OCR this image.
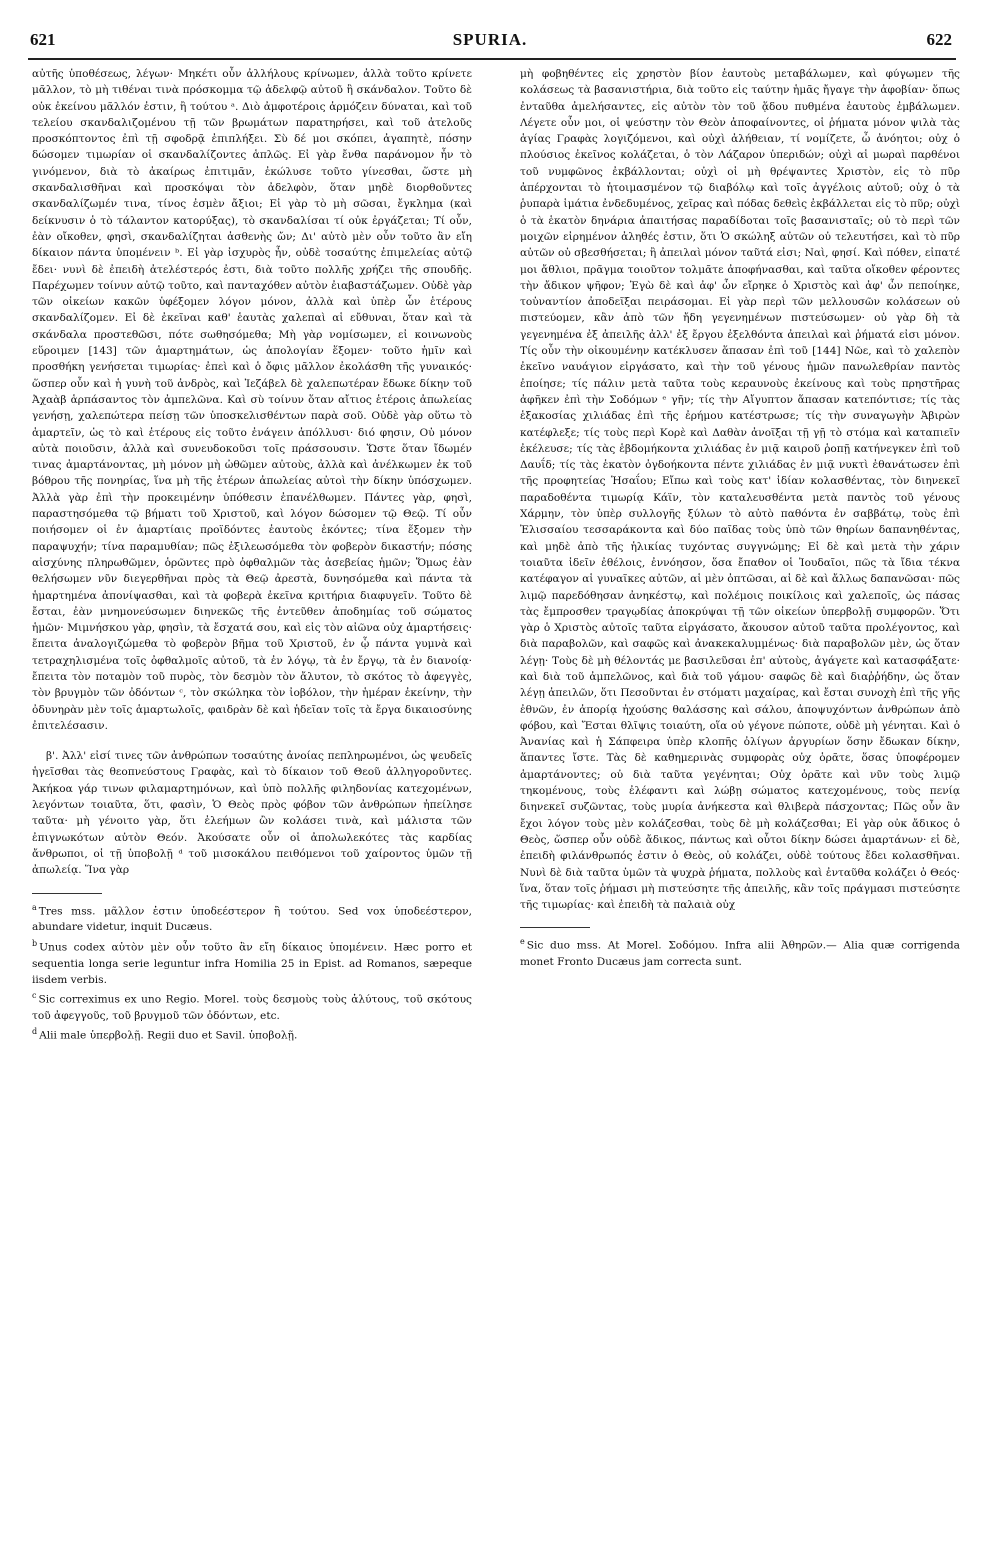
621	SPURIA.	622

αὐτῆς ὑποθέσεως, λέγων· Μηκέτι οὖν ἀλλήλους κρίνωμεν, ἀλλὰ τοῦτο κρίνετε μᾶλλον, τὸ μὴ τιθέναι τινὰ πρόσκομμα τῷ ἀδελφῷ αὐτοῦ ἢ σκάνδαλον. Τοῦτο δὲ οὐκ ἐκείνου μᾶλλόν ἐστιν, ἢ τούτου ᵃ. Διὸ ἀμφοτέροις ἁρμόζειν δύναται, καὶ τοῦ τελείου σκανδαλιζομένου τῇ τῶν βρωμάτων παρατηρήσει, καὶ τοῦ ἀτελοῦς προσκόπτοντος ἐπὶ τῇ σφοδρᾷ ἐπιπλήξει. Σὺ δέ μοι σκόπει, ἀγαπητὲ, πόσην δώσομεν τιμωρίαν οἱ σκανδαλίζοντες ἁπλῶς. Εἰ γὰρ ἔνθα παράνομον ἦν τὸ γινόμενον, διὰ τὸ ἀκαίρως ἐπιτιμᾶν, ἐκώλυσε τοῦτο γίνεσθαι, ὥστε μὴ σκανδαλισθῆναι καὶ προσκόψαι τὸν ἀδελφὸν, ὅταν μηδὲ διορθοῦντες σκανδαλίζωμέν τινα, τίνος ἐσμὲν ἄξιοι; Εἰ γὰρ τὸ μὴ σῶσαι, ἔγκλημα (καὶ δείκνυσιν ὁ τὸ τάλαντον κατορύξας), τὸ σκανδαλίσαι τί οὐκ ἐργάζεται; Τί οὖν, ἐὰν οἴκοθεν, φησὶ, σκανδαλίζηται ἀσθενὴς ὤν; Δι' αὐτὸ μὲν οὖν τοῦτο ἂν εἴη δίκαιον πάντα ὑπομένειν ᵇ. Εἰ γὰρ ἰσχυρὸς ἦν, οὐδὲ τοσαύτης ἐπιμελείας αὐτῷ ἔδει· νυνὶ δὲ ἐπειδὴ ἀτελέστερός ἐστι, διὰ τοῦτο πολλῆς χρήζει τῆς σπουδῆς. Παρέχωμεν τοίνυν αὐτῷ τοῦτο, καὶ πανταχόθεν αὐτὸν ἐιαβαστάζωμεν. Οὐδὲ γὰρ τῶν οἰκείων κακῶν ὑφέξομεν λόγον μόνον, ἀλλὰ καὶ ὑπὲρ ὧν ἑτέρους σκανδαλίζομεν. Εἰ δὲ ἐκεῖναι καθ' ἑαυτὰς χαλεπαὶ αἱ εὔθυναι, ὅταν καὶ τὰ σκάνδαλα προστεθῶσι, πότε σωθησόμεθα; Μὴ γὰρ νομίσωμεν, εἰ κοινωνοὺς εὕροιμεν [143] τῶν ἁμαρτημάτων, ὡς ἀπολογίαν ἕξομεν· τοῦτο ἡμῖν καὶ προσθήκη γενήσεται τιμωρίας· ἐπεὶ καὶ ὁ ὄφις μᾶλλον ἐκολάσθη τῆς γυναικός· ὥσπερ οὖν καὶ ἡ γυνὴ τοῦ ἀνδρὸς, καὶ Ἰεζάβελ δὲ χαλεπωτέραν ἔδωκε δίκην τοῦ Ἀχαὰβ ἁρπάσαντος τὸν ἀμπελῶνα. Καὶ σὺ τοίνυν ὅταν αἴτιος ἑτέροις ἀπωλείας γενήσῃ, χαλεπώτερα πείσῃ τῶν ὑποσκελισθέντων παρὰ σοῦ. Οὐδὲ γὰρ οὕτω τὸ ἁμαρτεῖν, ὡς τὸ καὶ ἑτέρους εἰς τοῦτο ἐνάγειν ἀπόλλυσι· διό φησιν, Οὐ μόνον αὐτὰ ποιοῦσιν, ἀλλὰ καὶ συνευδοκοῦσι τοῖς πράσσουσιν. Ὥστε ὅταν ἴδωμέν τινας ἁμαρτάνοντας, μὴ μόνον μὴ ὠθῶμεν αὐτοὺς, ἀλλὰ καὶ ἀνέλκωμεν ἐκ τοῦ βόθρου τῆς πονηρίας, ἵνα μὴ τῆς ἑτέρων ἀπωλείας αὐτοὶ τὴν δίκην ὑπόσχωμεν. Ἀλλὰ γὰρ ἐπὶ τὴν προκειμένην ὑπόθεσιν ἐπανέλθωμεν. Πάντες γὰρ, φησὶ, παραστησόμεθα τῷ βήματι τοῦ Χριστοῦ, καὶ λόγον δώσομεν τῷ Θεῷ. Τί οὖν ποιήσομεν οἱ ἐν ἁμαρτίαις προϊδόντες ἑαυτοὺς ἑκόντες; τίνα ἕξομεν τὴν παραψυχήν; τίνα παραμυθίαν; πῶς ἐξιλεωσόμεθα τὸν φοβερὸν δικαστήν; πόσης αἰσχύνης πληρωθῶμεν, ὁρῶντες πρὸ ὀφθαλμῶν τὰς ἀσεβείας ἡμῶν; Ὅμως ἐὰν θελήσωμεν νῦν διεγερθῆναι πρὸς τὰ Θεῷ ἀρεστὰ, δυνησόμεθα καὶ πάντα τὰ ἡμαρτημένα ἀπονίψασθαι, καὶ τὰ φοβερὰ ἐκεῖνα κριτήρια διαφυγεῖν. Τοῦτο δὲ ἔσται, ἐὰν μνημονεύσωμεν διηνεκῶς τῆς ἐντεῦθεν ἀποδημίας τοῦ σώματος ἡμῶν· Μιμνήσκου γὰρ, φησὶν, τὰ ἔσχατά σου, καὶ εἰς τὸν αἰῶνα οὐχ ἁμαρτήσεις· ἔπειτα ἀναλογιζώμεθα τὸ φοβερὸν βῆμα τοῦ Χριστοῦ, ἐν ᾧ πάντα γυμνὰ καὶ τετραχηλισμένα τοῖς ὀφθαλμοῖς αὐτοῦ, τὰ ἐν λόγῳ, τὰ ἐν ἔργῳ, τὰ ἐν διανοίᾳ· ἔπειτα τὸν ποταμὸν τοῦ πυρὸς, τὸν δεσμὸν τὸν ἄλυτον, τὸ σκότος τὸ ἀφεγγὲς, τὸν βρυγμὸν τῶν ὀδόντων ᶜ, τὸν σκώληκα τὸν ἰοβόλον, τὴν ἡμέραν ἐκείνην, τὴν ὀδυνηρὰν μὲν τοῖς ἁμαρτωλοῖς, φαιδρὰν δὲ καὶ ἡδεῖαν τοῖς τὰ ἔργα δικαιοσύνης ἐπιτελέσασιν.

β'. Ἀλλ' εἰσί τινες τῶν ἀνθρώπων τοσαύτης ἀνοίας πεπληρωμένοι, ὡς ψευδεῖς ἡγεῖσθαι τὰς θεοπνεύστους Γραφὰς, καὶ τὸ δίκαιον τοῦ Θεοῦ ἀλληγοροῦντες. Ἀκήκοα γάρ τινων φιλαμαρτημόνων, καὶ ὑπὸ πολλῆς φιληδονίας κατεχομένων, λεγόντων τοιαῦτα, ὅτι, φασὶν, Ὁ Θεὸς πρὸς φόβον τῶν ἀνθρώπων ἠπείλησε ταῦτα· μὴ γένοιτο γὰρ, ὅτι ἐλεήμων ὢν κολάσει τινὰ, καὶ μάλιστα τῶν ἐπιγνωκότων αὐτὸν Θεόν. Ἀκούσατε οὖν οἱ ἀπολωλεκότες τὰς καρδίας ἄνθρωποι, οἱ τῇ ὑποβολῇ ᵈ τοῦ μισοκάλου πειθόμενοι τοῦ χαίροντος ὑμῶν τῇ ἀπωλείᾳ. Ἵνα γὰρ

$^a$ Tres mss. μᾶλλον ἐστιν ὑποδεέστερον ἢ τούτου. Sed vox ὑποδεέστερον, abundare videtur, inquit Ducæus.

$^b$ Unus codex αὐτὸν μὲν οὖν τοῦτο ἂν εἴη δίκαιος ὑπομένειν. Hæc porro et sequentia longa serie leguntur infra Homilia 25 in Epist. ad Romanos, sæpeque iisdem verbis.

$^c$ Sic correximus ex uno Regio. Morel. τοὺς δεσμοὺς τοὺς ἀλύτους, τοῦ σκότους τοῦ ἀφεγγοῦς, τοῦ βρυγμοῦ τῶν ὀδόντων, etc.

$^d$ Alii male ὑπερβολῇ. Regii duo et Savil. ὑποβολῇ.

μὴ φοβηθέντες εἰς χρηστὸν βίον ἑαυτοὺς μεταβάλωμεν, καὶ φύγωμεν τῆς κολάσεως τὰ βασανιστήρια, διὰ τοῦτο εἰς ταύτην ἡμᾶς ἤγαγε τὴν ἀφοβίαν· ὅπως ἐνταῦθα ἀμελήσαντες, εἰς αὐτὸν τὸν τοῦ ᾅδου πυθμένα ἑαυτοὺς ἐμβάλωμεν. Λέγετε οὖν μοι, οἱ ψεύστην τὸν Θεὸν ἀποφαίνοντες, οἱ ῥήματα μόνον ψιλὰ τὰς ἁγίας Γραφὰς λογιζόμενοι, καὶ οὐχὶ ἀλήθειαν, τί νομίζετε, ὦ ἀνόητοι; οὐχ ὁ πλούσιος ἐκεῖνος κολάζεται, ὁ τὸν Λάζαρον ὑπεριδών; οὐχὶ αἱ μωραὶ παρθένοι τοῦ νυμφῶνος ἐκβάλλονται; οὐχὶ οἱ μὴ θρέψαντες Χριστὸν, εἰς τὸ πῦρ ἀπέρχονται τὸ ἡτοιμασμένον τῷ διαβόλῳ καὶ τοῖς ἀγγέλοις αὐτοῦ; οὐχ ὁ τὰ ῥυπαρὰ ἱμάτια ἐνδεδυμένος, χεῖρας καὶ πόδας δεθεὶς ἐκβάλλεται εἰς τὸ πῦρ; οὐχὶ ὁ τὰ ἑκατὸν δηνάρια ἀπαιτήσας παραδίδοται τοῖς βασανισταῖς; οὐ τὸ περὶ τῶν μοιχῶν εἰρημένον ἀληθές ἐστιν, ὅτι Ὁ σκώληξ αὐτῶν οὐ τελευτήσει, καὶ τὸ πῦρ αὐτῶν οὐ σβεσθήσεται; ἢ ἀπειλαὶ μόνον ταῦτά εἰσι; Ναὶ, φησί. Καὶ πόθεν, εἰπατέ μοι ἄθλιοι, πρᾶγμα τοιοῦτον τολμᾶτε ἀποφήνασθαι, καὶ ταῦτα οἴκοθεν φέροντες τὴν ἄδικον ψῆφον; Ἐγὼ δὲ καὶ ἀφ' ὧν εἴρηκε ὁ Χριστὸς καὶ ἀφ' ὧν πεποίηκε, τοὐναντίον ἀποδεῖξαι πειράσομαι. Εἰ γὰρ περὶ τῶν μελλουσῶν κολάσεων οὐ πιστεύομεν, κἂν ἀπὸ τῶν ἤδη γεγενημένων πιστεύσωμεν· οὐ γὰρ δὴ τὰ γεγενημένα ἐξ ἀπειλῆς ἀλλ' ἐξ ἔργου ἐξελθόντα ἀπειλαὶ καὶ ῥήματά εἰσι μόνον. Τίς οὖν τὴν οἰκουμένην κατέκλυσεν ἅπασαν ἐπὶ τοῦ [144] Νῶε, καὶ τὸ χαλεπὸν ἐκεῖνο ναυάγιον εἰργάσατο, καὶ τὴν τοῦ γένους ἡμῶν πανωλεθρίαν παντὸς ἐποίησε; τίς πάλιν μετὰ ταῦτα τοὺς κεραυνοὺς ἐκείνους καὶ τοὺς πρηστῆρας ἀφῆκεν ἐπὶ τὴν Σοδόμων ᵉ γῆν; τίς τὴν Αἴγυπτον ἅπασαν κατεπόντισε; τίς τὰς ἑξακοσίας χιλιάδας ἐπὶ τῆς ἐρήμου κατέστρωσε; τίς τὴν συναγωγὴν Ἀβιρὼν κατέφλεξε; τίς τοὺς περὶ Κορὲ καὶ Δαθὰν ἀνοῖξαι τῇ γῇ τὸ στόμα καὶ καταπιεῖν ἐκέλευσε; τίς τὰς ἑβδομήκοντα χιλιάδας ἐν μιᾷ καιροῦ ῥοπῇ κατήνεγκεν ἐπὶ τοῦ Δαυΐδ; τίς τὰς ἑκατὸν ὀγδοήκοντα πέντε χιλιάδας ἐν μιᾷ νυκτὶ ἐθανάτωσεν ἐπὶ τῆς προφητείας Ἡσαΐου; Εἴπω καὶ τοὺς κατ' ἰδίαν κολασθέντας, τὸν διηνεκεῖ παραδοθέντα τιμωρίᾳ Κάϊν, τὸν καταλευσθέντα μετὰ παντὸς τοῦ γένους Χάρμην, τὸν ὑπὲρ συλλογῆς ξύλων τὸ αὐτὸ παθόντα ἐν σαββάτῳ, τοὺς ἐπὶ Ἐλισσαίου τεσσαράκοντα καὶ δύο παῖδας τοὺς ὑπὸ τῶν θηρίων δαπανηθέντας, καὶ μηδὲ ἀπὸ τῆς ἡλικίας τυχόντας συγγνώμης; Εἰ δὲ καὶ μετὰ τὴν χάριν τοιαῦτα ἰδεῖν ἐθέλοις, ἐννόησον, ὅσα ἔπαθον οἱ Ἰουδαῖοι, πῶς τὰ ἴδια τέκνα κατέφαγον αἱ γυναῖκες αὐτῶν, αἱ μὲν ὀπτῶσαι, αἱ δὲ καὶ ἄλλως δαπανῶσαι· πῶς λιμῷ παρεδόθησαν ἀνηκέστῳ, καὶ πολέμοις ποικίλοις καὶ χαλεποῖς, ὡς πάσας τὰς ἔμπροσθεν τραγῳδίας ἀποκρύψαι τῇ τῶν οἰκείων ὑπερβολῇ συμφορῶν. Ὅτι γὰρ ὁ Χριστὸς αὐτοῖς ταῦτα εἰργάσατο, ἄκουσον αὐτοῦ ταῦτα προλέγοντος, καὶ διὰ παραβολῶν, καὶ σαφῶς καὶ ἀνακεκαλυμμένως· διὰ παραβολῶν μὲν, ὡς ὅταν λέγῃ· Τοὺς δὲ μὴ θέλοντάς με βασιλεῦσαι ἐπ' αὐτοὺς, ἀγάγετε καὶ κατασφάξατε· καὶ διὰ τοῦ ἀμπελῶνος, καὶ διὰ τοῦ γάμου· σαφῶς δὲ καὶ διαῤῥήδην, ὡς ὅταν λέγῃ ἀπειλῶν, ὅτι Πεσοῦνται ἐν στόματι μαχαίρας, καὶ ἔσται συνοχὴ ἐπὶ τῆς γῆς ἐθνῶν, ἐν ἀπορίᾳ ἠχούσης θαλάσσης καὶ σάλου, ἀποψυχόντων ἀνθρώπων ἀπὸ φόβου, καὶ Ἔσται θλῖψις τοιαύτη, οἵα οὐ γέγονε πώποτε, οὐδὲ μὴ γένηται. Καὶ ὁ Ἀνανίας καὶ ἡ Σάπφειρα ὑπὲρ κλοπῆς ὀλίγων ἀργυρίων ὅσην ἔδωκαν δίκην, ἅπαντες ἴστε. Τὰς δὲ καθημερινὰς συμφορὰς οὐχ ὁρᾶτε, ὅσας ὑποφέρομεν ἁμαρτάνοντες; οὐ διὰ ταῦτα γεγένηται; Οὐχ ὁρᾶτε καὶ νῦν τοὺς λιμῷ τηκομένους, τοὺς ἐλέφαντι καὶ λώβῃ σώματος κατεχομένους, τοὺς πενίᾳ διηνεκεῖ συζῶντας, τοὺς μυρία ἀνήκεστα καὶ θλιβερὰ πάσχοντας; Πῶς οὖν ἂν ἔχοι λόγον τοὺς μὲν κολάζεσθαι, τοὺς δὲ μὴ κολάζεσθαι; Εἰ γὰρ οὐκ ἄδικος ὁ Θεὸς, ὥσπερ οὖν οὐδὲ ἄδικος, πάντως καὶ οὗτοι δίκην δώσει ἁμαρτάνων· εἰ δὲ, ἐπειδὴ φιλάνθρωπός ἐστιν ὁ Θεὸς, οὐ κολάζει, οὐδὲ τούτους ἔδει κολασθῆναι. Νυνὶ δὲ διὰ ταῦτα ὑμῶν τὰ ψυχρὰ ῥήματα, πολλοὺς καὶ ἐνταῦθα κολάζει ὁ Θεός· ἵνα, ὅταν τοῖς ῥήμασι μὴ πιστεύσητε τῆς ἀπειλῆς, κἂν τοῖς πράγμασι πιστεύσητε τῆς τιμωρίας· καὶ ἐπειδὴ τὰ παλαιὰ οὐχ

$^e$ Sic duo mss. At Morel. Σοδόμου. Infra alii Ἀθηρῶν.— Alia quæ corrigenda monet Fronto Ducæus jam correcta sunt.
